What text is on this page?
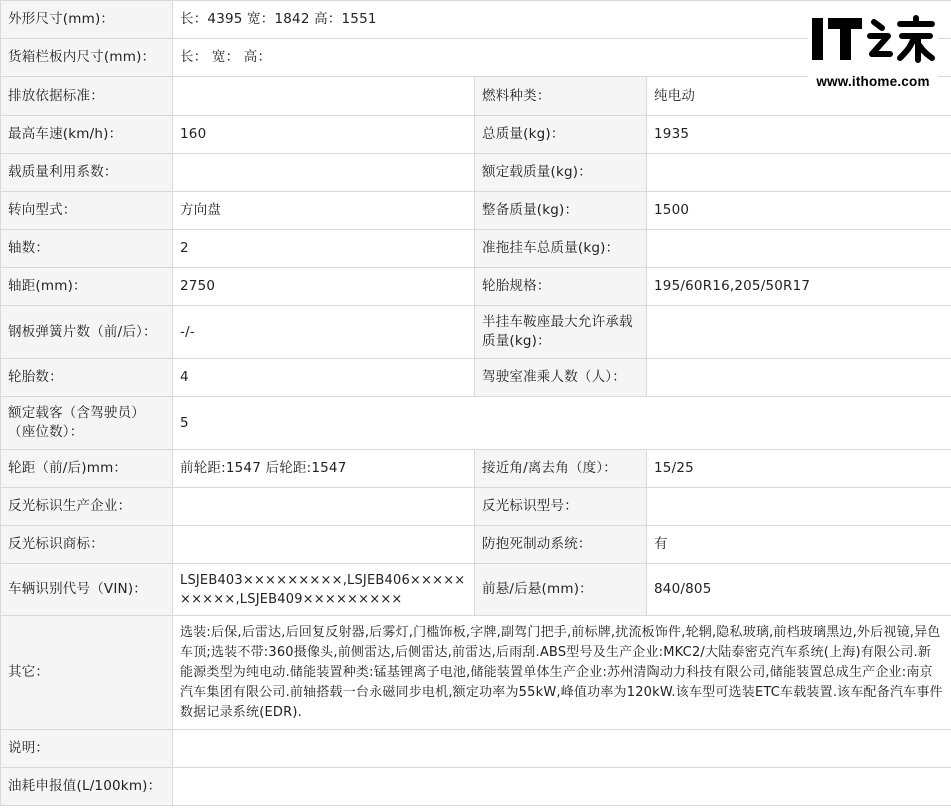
外形尺寸(mm)：	长：4395 宽：1842 高：1551		
货箱栏板内尺寸(mm)：	长： 宽： 高：		
排放依据标准：		燃料种类：	纯电动
最高车速(km/h)：	160	总质量(kg)：	1935
载质量利用系数：		额定载质量(kg)：	
转向型式：	方向盘	整备质量(kg)：	1500
轴数：	2	准拖挂车总质量(kg)：	
轴距(mm)：	2750	轮胎规格：	195/60R16,205/50R17
钢板弹簧片数（前/后）：	-/-	半挂车鞍座最大允许承载质量(kg)：	
轮胎数：	4	驾驶室准乘人数（人）：	
额定载客（含驾驶员）（座位数）：	5		
轮距（前/后)mm：	前轮距:1547 后轮距:1547	接近角/离去角（度）：	15/25
反光标识生产企业：		反光标识型号：	
反光标识商标：		防抱死制动系统：	有
车辆识别代号（VIN)：	LSJEB403×××××××××,LSJEB406××××××××××,LSJEB409×××××××××	前悬/后悬(mm)：	840/805
其它：	选装:后保,后雷达,后回复反射器,后雾灯,门槛饰板,字牌,副驾门把手,前标牌,扰流板饰件,轮辋,隐私玻璃,前档玻璃黑边,外后视镜,异色车顶;选装不带:360摄像头,前侧雷达,后侧雷达,前雷达,后雨刮.ABS型号及生产企业:MKC2/大陆泰密克汽车系统(上海)有限公司.新能源类型为纯电动.储能装置种类:锰基锂离子电池,储能装置单体生产企业:苏州清陶动力科技有限公司,储能装置总成生产企业:南京汽车集团有限公司.前轴搭载一台永磁同步电机,额定功率为55kW,峰值功率为120kW.该车型可选装ETC车载装置.该车配备汽车事件数据记录系统(EDR).		
说明：			
油耗申报值(L/100km)：			
www.ithome.com
